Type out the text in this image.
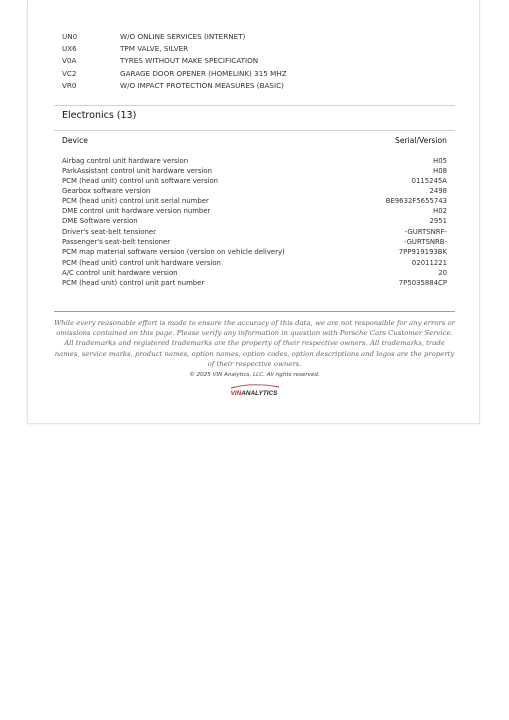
UN0	W/O ONLINE SERVICES (INTERNET)
UX6	TPM VALVE, SILVER
V0A	TYRES WITHOUT MAKE SPECIFICATION
VC2	GARAGE DOOR OPENER (HOMELINK) 315 MHZ
VR0	W/O IMPACT PROTECTION MEASURES (BASIC)
Electronics (13)
Device	Serial/Version
Airbag control unit hardware version	H05
ParkAssistant control unit hardware version	H08
PCM (head unit) control unit software version	0115245A
Gearbox software version	2498
PCM (head unit) control unit serial number	BE9632F5655743
DME control unit hardware version number	H02
DME Software version	2951
Driver's seat-belt tensioner	-GURTSNRF-
Passenger's seat-belt tensioner	-GURTSNRB-
PCM map material software version (version on vehicle delivery)	7PP919193BK
PCM (head unit) control unit hardware version	02011221
A/C control unit hardware version	20
PCM (head unit) control unit part number	7P5035884CP
While every reasonable effort is made to ensure the accuracy of this data, we are not responsible for any errors or omissions contained on this page. Please verify any information in question with Porsche Cars Customer Service. All trademarks and registered trademarks are the property of their respective owners. All trademarks, trade names, service marks, product names, option names, option codes, option descriptions and logos are the property of their respective owners.
© 2025 VIN Analytics, LLC. All rights reserved.
VINANALYTICS
